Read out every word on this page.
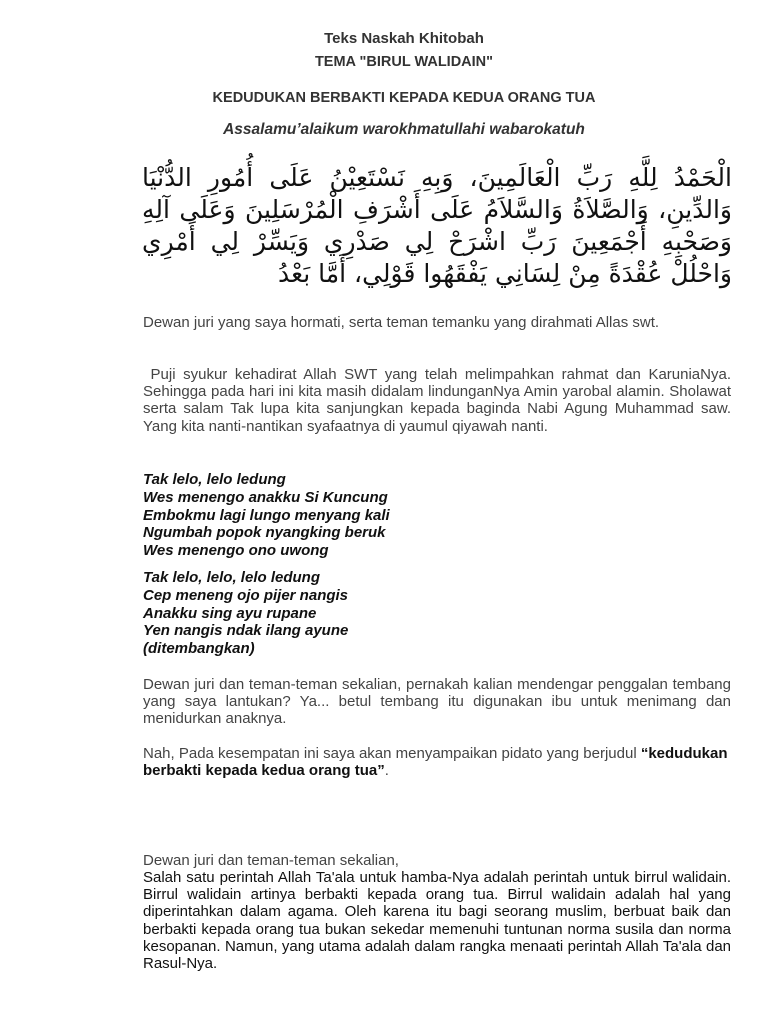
Teks Naskah Khitobah
TEMA "BIRUL WALIDAIN"
KEDUDUKAN BERBAKTI KEPADA KEDUA ORANG TUA
Assalamu’alaikum warokhmatullahi wabarokatuh
الْحَمْدُ لِلَّهِ رَبِّ الْعَالَمِينَ، وَبِهِ نَسْتَعِيْنُ عَلَى أُمُورِ الدُّنْيَا وَالدِّينِ، وَالصَّلاَةُ وَالسَّلاَمُ عَلَى أَشْرَفِ الْمُرْسَلِينَ وَعَلَى آلِهِ وَصَحْبِهِ أَجْمَعِينَ رَبِّ اشْرَحْ لِي صَدْرِي وَيَسِّرْ لِي أَمْرِي وَاحْلُلْ عُقْدَةً مِنْ لِسَانِي يَفْقَهُوا قَوْلِي، أَمَّا بَعْدُ
Dewan juri yang saya hormati, serta teman temanku yang dirahmati Allas swt.
Puji syukur kehadirat Allah SWT yang telah melimpahkan rahmat dan KaruniaNya. Sehingga pada hari ini kita masih didalam lindunganNya Amin yarobal alamin. Sholawat serta salam Tak lupa kita sanjungkan kepada baginda Nabi Agung Muhammad saw. Yang kita nanti-nantikan syafaatnya di yaumul qiyawah nanti.
Tak lelo, lelo ledung
Wes menengo anakku Si Kuncung
Embokmu lagi lungo menyang kali
Ngumbah popok nyangking beruk
Wes menengo ono uwong
Tak lelo, lelo, lelo ledung
Cep meneng ojo pijer nangis
Anakku sing ayu rupane
Yen nangis ndak ilang ayune
(ditembangkan)
Dewan juri dan teman-teman sekalian, pernakah kalian mendengar penggalan tembang yang saya lantukan? Ya... betul tembang itu digunakan ibu untuk menimang dan menidurkan anaknya.
Nah, Pada kesempatan ini saya akan menyampaikan pidato yang berjudul “kedudukan berbakti kepada kedua orang tua”.
Dewan juri dan teman-teman sekalian,
Salah satu perintah Allah Ta'ala untuk hamba-Nya adalah perintah untuk birrul walidain. Birrul walidain artinya berbakti kepada orang tua. Birrul walidain adalah hal yang diperintahkan dalam agama. Oleh karena itu bagi seorang muslim, berbuat baik dan berbakti kepada orang tua bukan sekedar memenuhi tuntunan norma susila dan norma kesopanan. Namun, yang utama adalah dalam rangka menaati perintah Allah Ta'ala dan Rasul-Nya.
